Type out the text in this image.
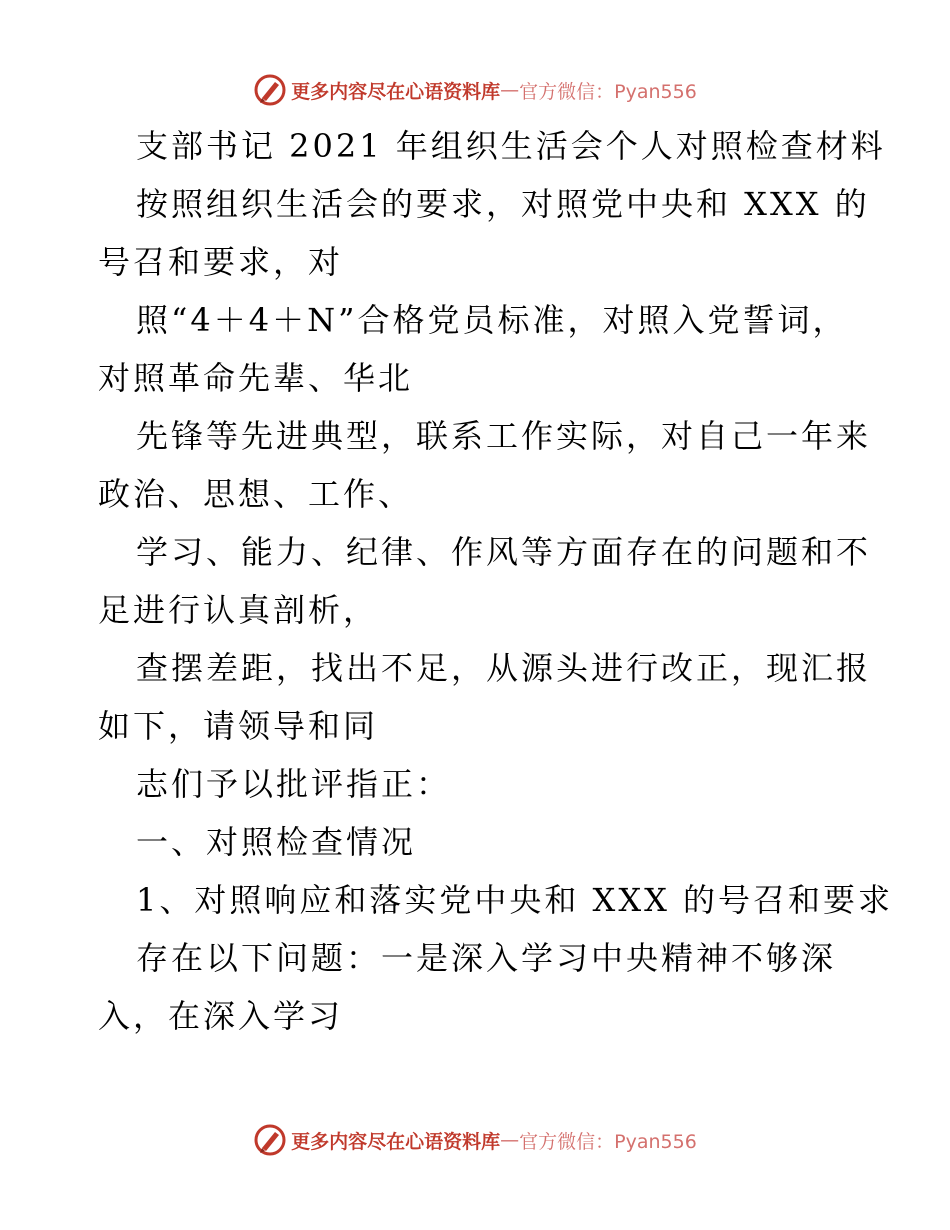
更多内容尽在心语资料库 — 官方微信：Pyan556
支部书记 2021 年组织生活会个人对照检查材料
按照组织生活会的要求，对照党中央和 XXX 的
号召和要求，对
照“4＋4＋N”合格党员标准，对照入党誓词，
对照革命先辈、华北
先锋等先进典型，联系工作实际，对自己一年来
政治、思想、工作、
学习、能力、纪律、作风等方面存在的问题和不
足进行认真剖析，
查摆差距，找出不足，从源头进行改正，现汇报
如下，请领导和同
志们予以批评指正：
一、对照检查情况
1、对照响应和落实党中央和 XXX 的号召和要求
存在以下问题：一是深入学习中央精神不够深
入，在深入学习
更多内容尽在心语资料库 — 官方微信：Pyan556
